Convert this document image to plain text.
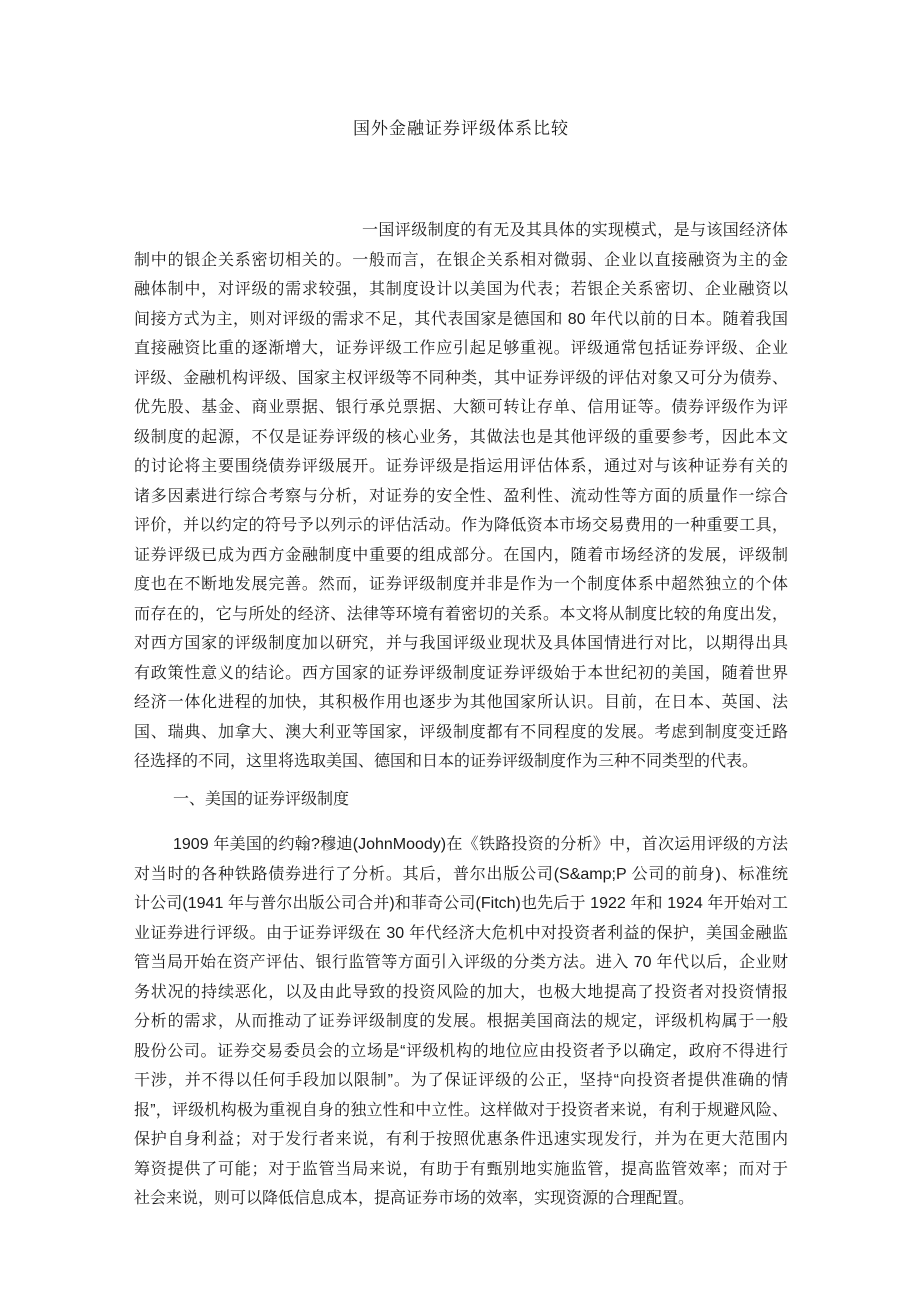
国外金融证券评级体系比较
一国评级制度的有无及其具体的实现模式，是与该国经济体
制中的银企关系密切相关的。一般而言，在银企关系相对微弱、企业以直接融资为主的金
融体制中，对评级的需求较强，其制度设计以美国为代表；若银企关系密切、企业融资以
间接方式为主，则对评级的需求不足，其代表国家是德国和 80 年代以前的日本。随着我国
直接融资比重的逐渐增大，证券评级工作应引起足够重视。评级通常包括证券评级、企业
评级、金融机构评级、国家主权评级等不同种类，其中证券评级的评估对象又可分为债券、
优先股、基金、商业票据、银行承兑票据、大额可转让存单、信用证等。债券评级作为评
级制度的起源，不仅是证券评级的核心业务，其做法也是其他评级的重要参考，因此本文
的讨论将主要围绕债券评级展开。证券评级是指运用评估体系，通过对与该种证券有关的
诸多因素进行综合考察与分析，对证券的安全性、盈利性、流动性等方面的质量作一综合
评价，并以约定的符号予以列示的评估活动。作为降低资本市场交易费用的一种重要工具，
证券评级已成为西方金融制度中重要的组成部分。在国内，随着市场经济的发展，评级制
度也在不断地发展完善。然而，证券评级制度并非是作为一个制度体系中超然独立的个体
而存在的，它与所处的经济、法律等环境有着密切的关系。本文将从制度比较的角度出发，
对西方国家的评级制度加以研究，并与我国评级业现状及具体国情进行对比，以期得出具
有政策性意义的结论。西方国家的证券评级制度证券评级始于本世纪初的美国，随着世界
经济一体化进程的加快，其积极作用也逐步为其他国家所认识。目前，在日本、英国、法
国、瑞典、加拿大、澳大利亚等国家，评级制度都有不同程度的发展。考虑到制度变迁路
径选择的不同，这里将选取美国、德国和日本的证券评级制度作为三种不同类型的代表。
一、美国的证券评级制度
1909 年美国的约翰?穆迪(JohnMoody)在《铁路投资的分析》中，首次运用评级的方法
对当时的各种铁路债券进行了分析。其后，普尔出版公司(S&amp;P 公司的前身)、标准统
计公司(1941 年与普尔出版公司合并)和菲奇公司(Fitch)也先后于 1922 年和 1924 年开始对工
业证券进行评级。由于证券评级在 30 年代经济大危机中对投资者利益的保护，美国金融监
管当局开始在资产评估、银行监管等方面引入评级的分类方法。进入 70 年代以后，企业财
务状况的持续恶化，以及由此导致的投资风险的加大，也极大地提高了投资者对投资情报
分析的需求，从而推动了证券评级制度的发展。根据美国商法的规定，评级机构属于一般
股份公司。证券交易委员会的立场是“评级机构的地位应由投资者予以确定，政府不得进行
干涉，并不得以任何手段加以限制”。为了保证评级的公正，坚持“向投资者提供准确的情
报”，评级机构极为重视自身的独立性和中立性。这样做对于投资者来说，有利于规避风险、
保护自身利益；对于发行者来说，有利于按照优惠条件迅速实现发行，并为在更大范围内
筹资提供了可能；对于监管当局来说，有助于有甄别地实施监管，提高监管效率；而对于
社会来说，则可以降低信息成本，提高证券市场的效率，实现资源的合理配置。
